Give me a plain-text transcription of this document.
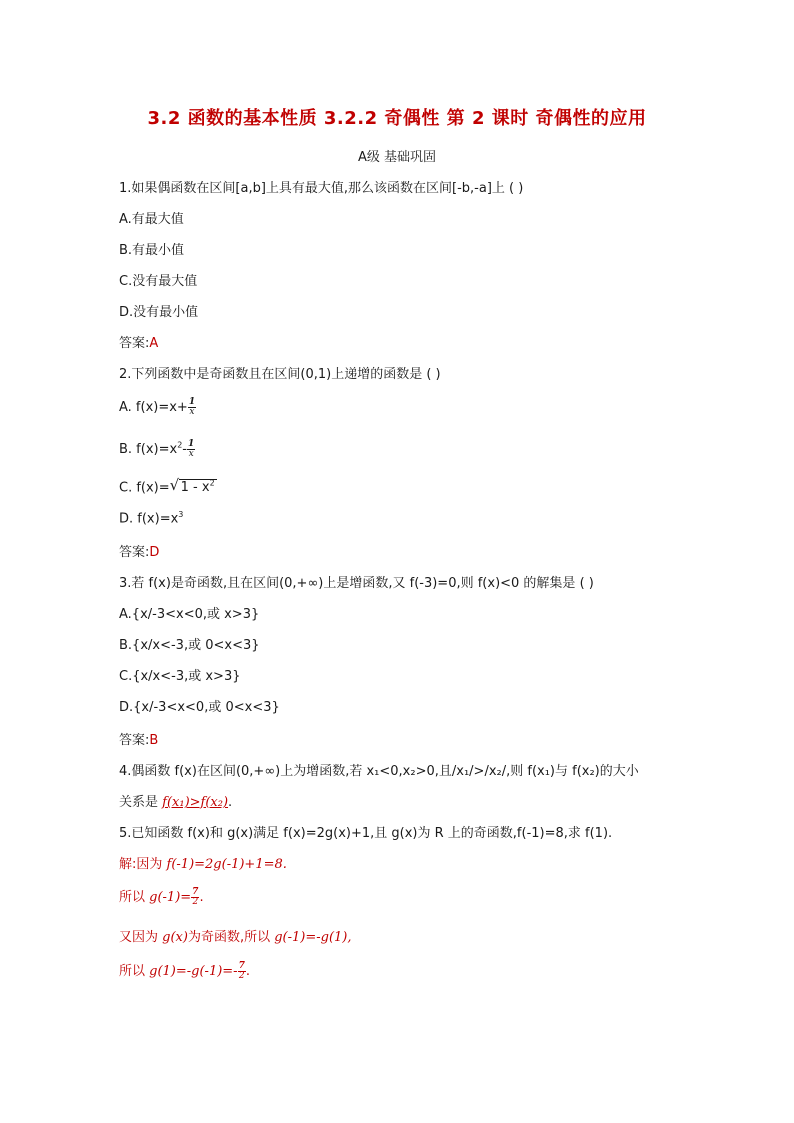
3.2 函数的基本性质 3.2.2 奇偶性 第 2 课时 奇偶性的应用
A级 基础巩固
1.如果偶函数在区间[a,b]上具有最大值,那么该函数在区间[-b,-a]上 ( )
A.有最大值
B.有最小值
C.没有最大值
D.没有最小值
答案:A
2.下列函数中是奇函数且在区间(0,1)上递增的函数是 ( )
A. $f(x)=x+ \frac{1}{x}$
B. $f(x)=x^2- \frac{1}{x}$
C. f(x)= √ $1 - x^2$
D. $f(x)=x^3$
答案:D
3.若 f(x)是奇函数,且在区间(0,+∞)上是增函数,又 f(-3)=0,则 f(x)<0 的解集是 ( )
A.{x/-3<x<0,或 x>3}
B.{x/x<-3,或 0<x<3}
C.{x/x<-3,或 x>3}
D.{x/-3<x<0,或 0<x<3}
答案:B
4.偶函数 f(x)在区间(0,+∞)上为增函数,若 x₁<0,x₂>0,且/x₁/>/x₂/,则 f(x₁)与 f(x₂)的大小
关系是 f(x₁)>f(x₂).
5.已知函数 f(x)和 g(x)满足 f(x)=2g(x)+1,且 g(x)为 R 上的奇函数,f(-1)=8,求 f(1).
解:因为 f(-1)=2g(-1)+1=8.
所以 $g(-1)= \frac{7}{2}$ .
又因为 g(x)为奇函数,所以 g(-1)=-g(1),
所以 $g(1)=-g(-1)=- \frac{7}{2}$ .
